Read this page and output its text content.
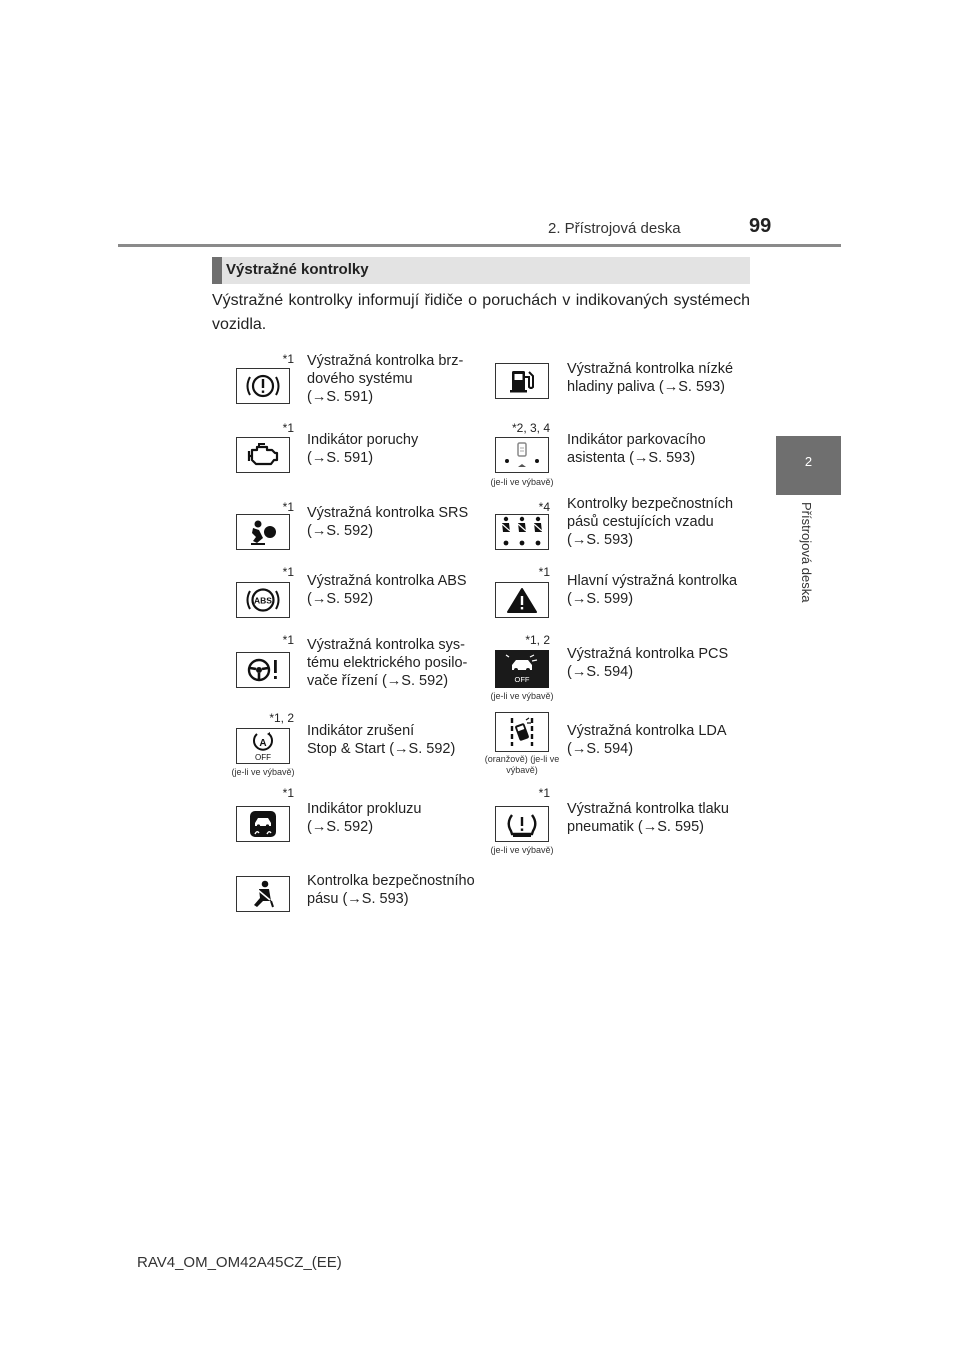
2. Přístrojová deska	99
2
Přístrojová deska
Výstražné kontrolky
Výstražné kontrolky informují řidiče o poruchách v indikovaných systémech vozidla.
*1 Výstražná kontrolka brz-
dového systému
(→S. 591)
Výstražná kontrolka nízké
hladiny paliva (→S. 593)
*1
Indikátor poruchy
(→S. 591)
*2, 3, 4
(je-li ve výbavě)
Indikátor parkovacího
asistenta (→S. 593)
*1 Výstražná kontrolka SRS
(→S. 592)
*4 Kontrolky bezpečnostních
pásů cestujících vzadu
(→S. 593)
*1
ABS
Výstražná kontrolka ABS
(→S. 592)
*1
Hlavní výstražná kontrolka
(→S. 599)
*1 Výstražná kontrolka sys-
tému elektrického posilo-
vače řízení (→S. 592)
*1, 2
OFF
(je-li ve výbavě)
Výstražná kontrolka PCS
(→S. 594)
*1, 2
A
OFF
(je-li ve výbavě)
Indikátor zrušení
Stop & Start (→S. 592)
(oranžově) (je-li ve výbavě)
Výstražná kontrolka LDA
(→S. 594)
*1
Indikátor prokluzu
(→S. 592)
*1
(je-li ve výbavě)
Výstražná kontrolka tlaku
pneumatik (→S. 595)
Kontrolka bezpečnostního
pásu (→S. 593)
RAV4_OM_OM42A45CZ_(EE)
